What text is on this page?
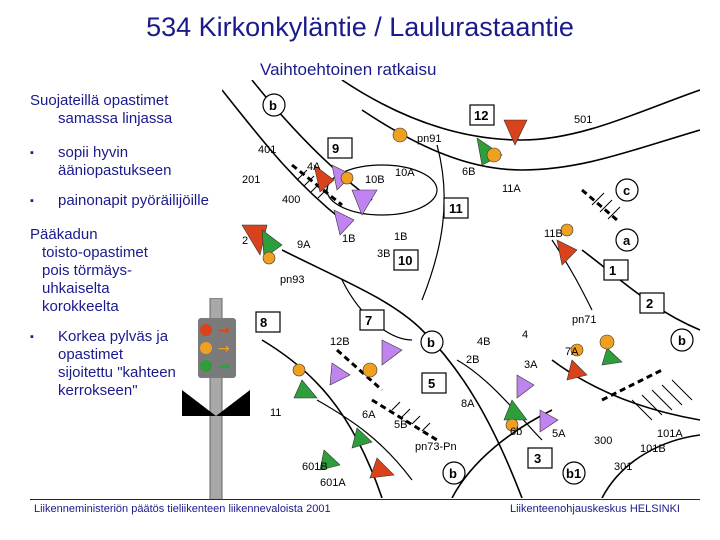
534 Kirkonkyläntie / Laulurastaantie
Vaihtoehtoinen ratkaisu
Suojateillä opastimet
samassa linjassa
▪ sopii hyvin ääniopastukseen
▪ painonapit pyöräilijöille
Pääkadun
toisto-opastimet
pois törmäys-
uhkaiselta
korokkeelta
▪ Korkea pylväs ja opastimet sijoitettu "kahteen kerrokseen"
→
→
→
b
12	501
401	9
pn91
4A
201	10B
10A	6B
11A	c
400
11
11B	a
9A	1B	1B
3B 10
1
2
pn93
2
pn71
8	7
4	b
12B	b	4B
2B
7A
3A
5
8A
6b	5A
5B
6A
300
101A
101B
pn73-Pn
3
301
b1
601B
601A
b
11
Liikenneministeriön päätös tieliikenteen liikennevaloista 2001	Liikenteenohjauskeskus HELSINKI
